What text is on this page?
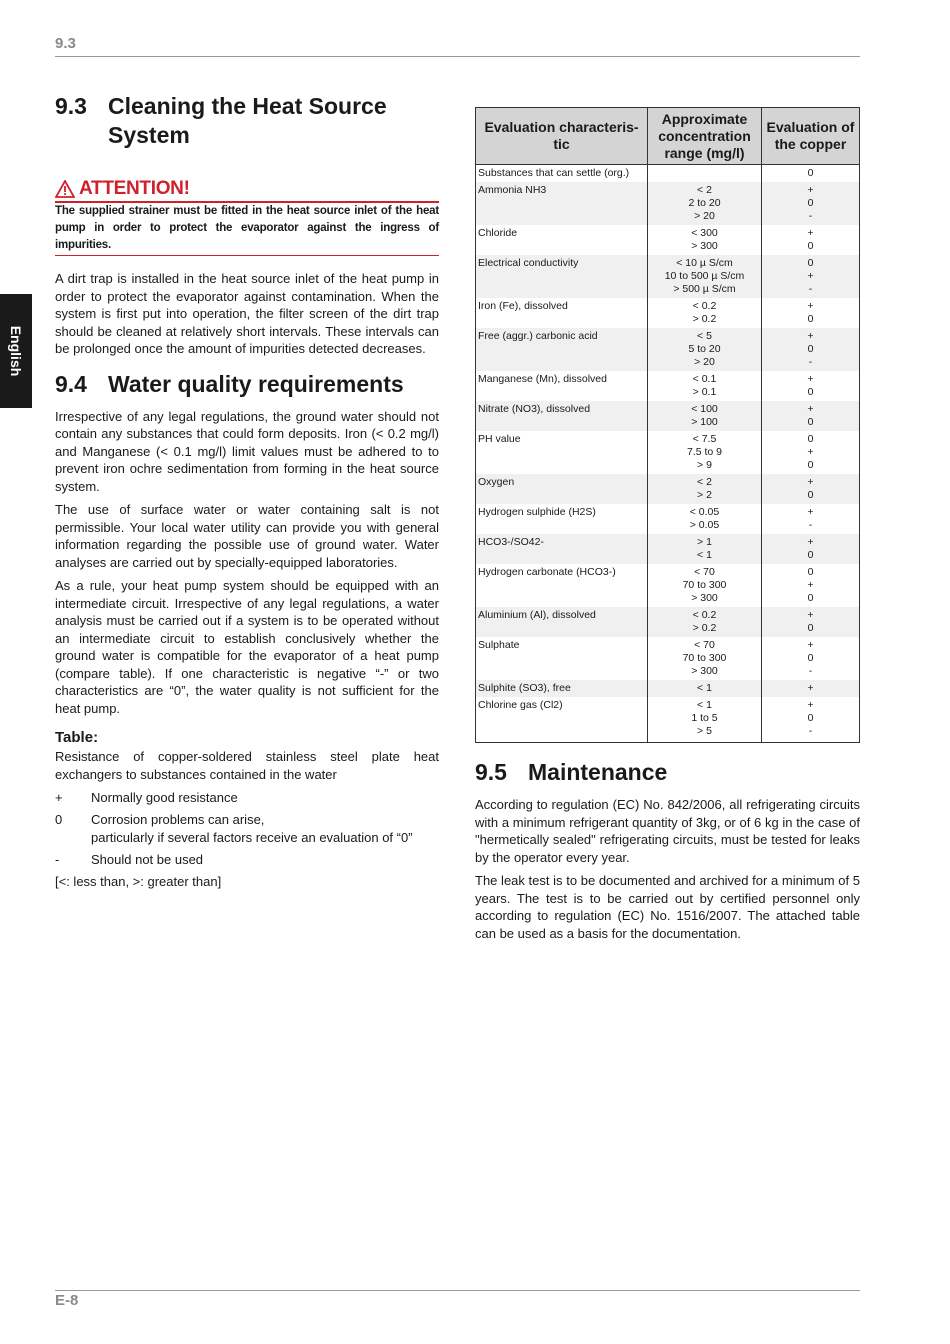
9.3
English
9.3 Cleaning the Heat Source System
ATTENTION!
The supplied strainer must be fitted in the heat source inlet of the heat pump in order to protect the evaporator against the ingress of impurities.

A dirt trap is installed in the heat source inlet of the heat pump in order to protect the evaporator against contamination. When the system is first put into operation, the filter screen of the dirt trap should be cleaned at relatively short intervals. These intervals can be prolonged once the amount of impurities detected decreases.

9.4 Water quality requirements

Irrespective of any legal regulations, the ground water should not contain any substances that could form deposits. Iron (< 0.2 mg/l) and Manganese (< 0.1 mg/l) limit values must be adhered to to prevent iron ochre sedimentation from forming in the heat source system.

The use of surface water or water containing salt is not permissible. Your local water utility can provide you with general information regarding the possible use of ground water. Water analyses are carried out by specially-equipped laboratories.

As a rule, your heat pump system should be equipped with an intermediate circuit. Irrespective of any legal regulations, a water analysis must be carried out if a system is to be operated without an intermediate circuit to establish conclusively whether the ground water is compatible for the evaporator of a heat pump (compare table). If one characteristic is negative “-” or two characteristics are “0”, the water quality is not sufficient for the heat pump.

Table:

Resistance of copper-soldered stainless steel plate heat exchangers to substances contained in the water

+	Normally good resistance
0	Corrosion problems can arise,
particularly if several factors receive an evaluation of “0”
-	Should not be used
[<: less than, >: greater than]
Evaluation characteris-tic	Approximate concentration range (mg/l)	Evaluation of the copper
Substances that can settle (org.)		0
Ammonia NH3	< 2
2 to 20
> 20	+
0
-
Chloride	< 300
> 300	+
0
Electrical conductivity	< 10 µ S/cm
10 to 500 µ S/cm
> 500 µ S/cm	0
+
-
Iron (Fe), dissolved	< 0.2
> 0.2	+
0
Free (aggr.) carbonic acid	< 5
5 to 20
> 20	+
0
-
Manganese (Mn), dissolved	< 0.1
> 0.1	+
0
Nitrate (NO3), dissolved	< 100
> 100	+
0
PH value	< 7.5
7.5 to 9
> 9	0
+
0
Oxygen	< 2
> 2	+
0
Hydrogen sulphide (H2S)	< 0.05
> 0.05	+
-
HCO3-/SO42-	> 1
< 1	+
0
Hydrogen carbonate (HCO3-)	< 70
70 to 300
> 300	0
+
0
Aluminium (Al), dissolved	< 0.2
> 0.2	+
0
Sulphate	< 70
70 to 300
> 300	+
0
-
Sulphite (SO3), free	< 1	+
Chlorine gas (Cl2)	< 1
1 to 5
> 5	+
0
-
9.5 Maintenance

According to regulation (EC) No. 842/2006, all refrigerating circuits with a minimum refrigerant quantity of 3kg, or of 6 kg in the case of "hermetically sealed" refrigerating circuits, must be tested for leaks by the operator every year.

The leak test is to be documented and archived for a minimum of 5 years. The test is to be carried out by certified personnel only according to regulation (EC) No. 1516/2007. The attached table can be used as a basis for the documentation.

E-8
